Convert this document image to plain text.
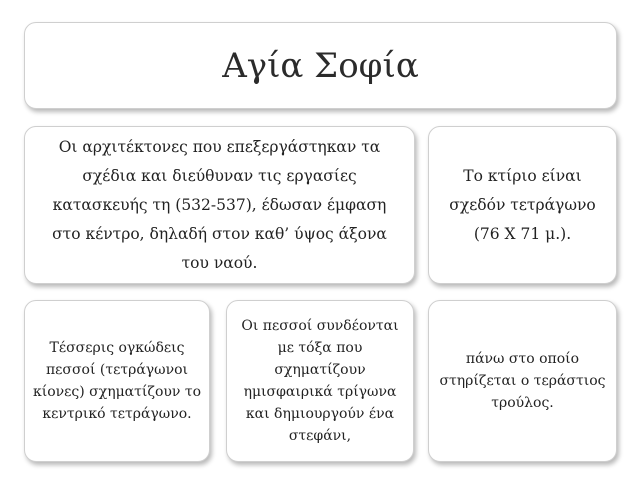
Αγία Σοφία
Οι αρχιτέκτονες που επεξεργάστηκαν τα
σχέδια και διεύθυναν τις εργασίες
κατασκευής τη (532-537), έδωσαν έμφαση
στο κέντρο, δηλαδή στον καθ’ ύψος άξονα
του ναού.
Το κτίριο είναι
σχεδόν τετράγωνο
(76 Χ 71 μ.).
Τέσσερις ογκώδεις
πεσσοί (τετράγωνοι
κίονες) σχηματίζουν το
κεντρικό τετράγωνο.
Οι πεσσοί συνδέονται
με τόξα που
σχηματίζουν
ημισφαιρικά τρίγωνα
και δημιουργούν ένα
στεφάνι,
πάνω στο οποίο
στηρίζεται ο τεράστιος
τρούλος.
